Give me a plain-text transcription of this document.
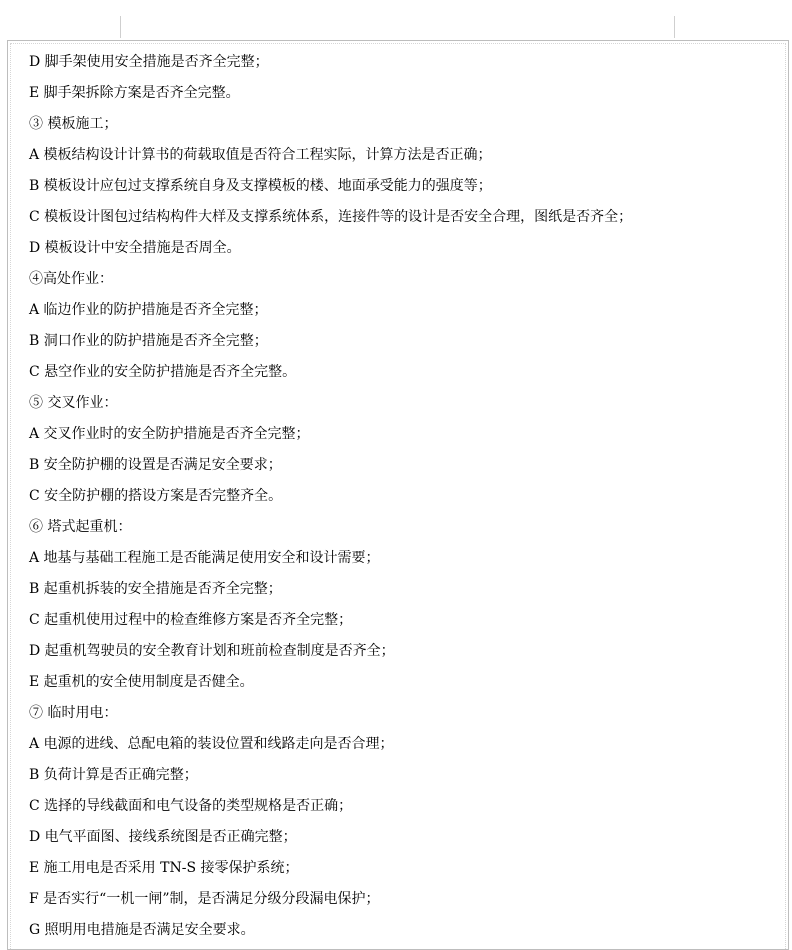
D 脚手架使用安全措施是否齐全完整；
E 脚手架拆除方案是否齐全完整。
③ 模板施工；
A 模板结构设计计算书的荷载取值是否符合工程实际，计算方法是否正确；
B 模板设计应包过支撑系统自身及支撑模板的楼、地面承受能力的强度等；
C 模板设计图包过结构构件大样及支撑系统体系，连接件等的设计是否安全合理，图纸是否齐全；
D 模板设计中安全措施是否周全。
④高处作业：
A 临边作业的防护措施是否齐全完整；
B 洞口作业的防护措施是否齐全完整；
C 悬空作业的安全防护措施是否齐全完整。
⑤ 交叉作业：
A 交叉作业时的安全防护措施是否齐全完整；
B 安全防护棚的设置是否满足安全要求；
C 安全防护棚的搭设方案是否完整齐全。
⑥ 塔式起重机：
A 地基与基础工程施工是否能满足使用安全和设计需要；
B 起重机拆装的安全措施是否齐全完整；
C 起重机使用过程中的检查维修方案是否齐全完整；
D 起重机驾驶员的安全教育计划和班前检查制度是否齐全；
E 起重机的安全使用制度是否健全。
⑦ 临时用电：
A 电源的进线、总配电箱的装设位置和线路走向是否合理；
B 负荷计算是否正确完整；
C 选择的导线截面和电气设备的类型规格是否正确；
D 电气平面图、接线系统图是否正确完整；
E 施工用电是否采用 TN-S 接零保护系统；
F 是否实行“一机一闸”制，是否满足分级分段漏电保护；
G 照明用电措施是否满足安全要求。
